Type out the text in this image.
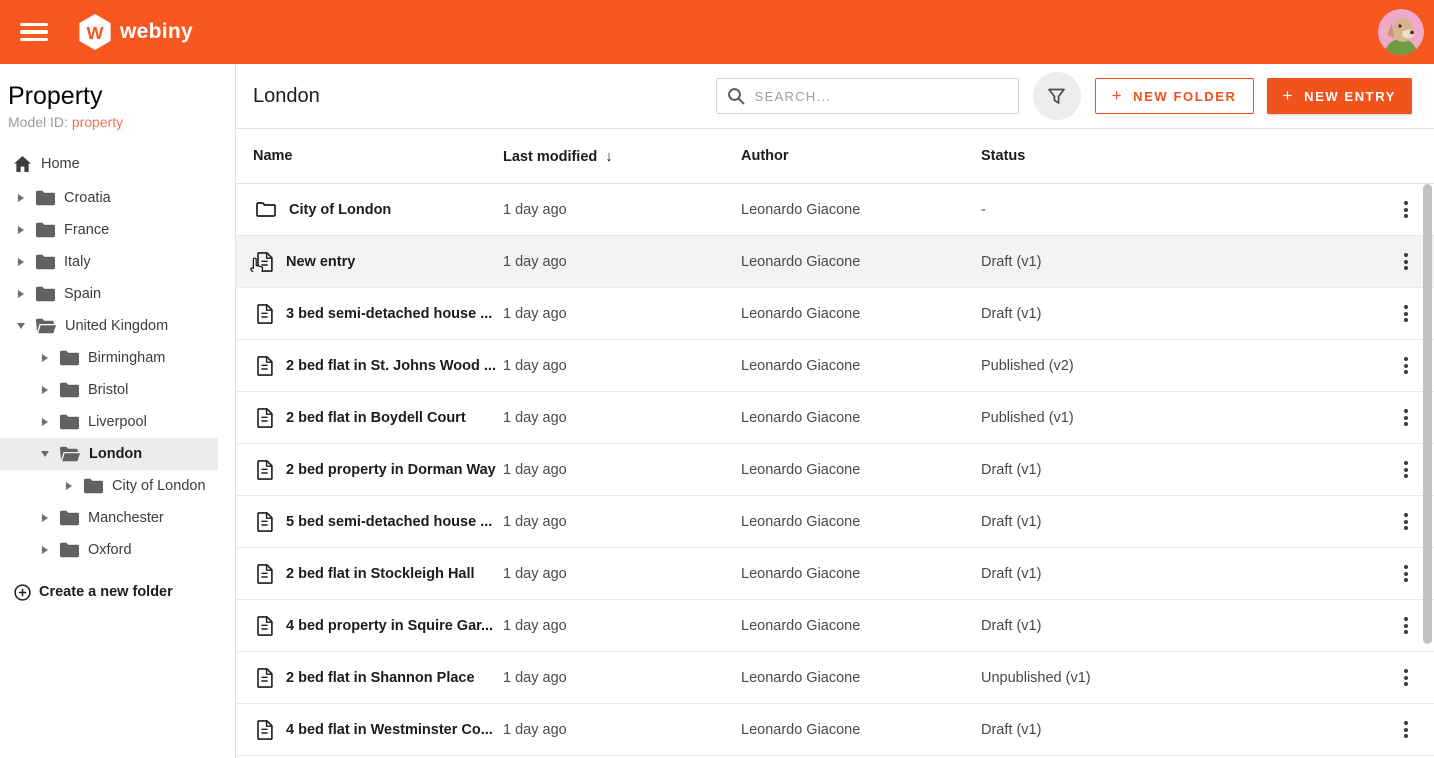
W webiny
Property
Model ID: property
Home
Croatia
France
Italy
Spain
United Kingdom
Birmingham
Bristol
Liverpool
London
City of London
Manchester
Oxford
Create a new folder
London
SEARCH...	+ NEW FOLDER	+ NEW ENTRY
Name	Last modified ↓	Author	Status
City of London	1 day ago	Leonardo Giacone	-
New entry	1 day ago	Leonardo Giacone	Draft (v1)
3 bed semi-detached house ... 1 day ago	Leonardo Giacone	Draft (v1)
2 bed flat in St. Johns Wood ... 1 day ago	Leonardo Giacone	Published (v2)
2 bed flat in Boydell Court	1 day ago	Leonardo Giacone	Published (v1)
2 bed property in Dorman Way 1 day ago	Leonardo Giacone	Draft (v1)
5 bed semi-detached house ... 1 day ago	Leonardo Giacone	Draft (v1)
2 bed flat in Stockleigh Hall 1 day ago	Leonardo Giacone	Draft (v1)
4 bed property in Squire Gar... 1 day ago	Leonardo Giacone	Draft (v1)
2 bed flat in Shannon Place 1 day ago	Leonardo Giacone	Unpublished (v1)
4 bed flat in Westminster Co... 1 day ago	Leonardo Giacone	Draft (v1)
